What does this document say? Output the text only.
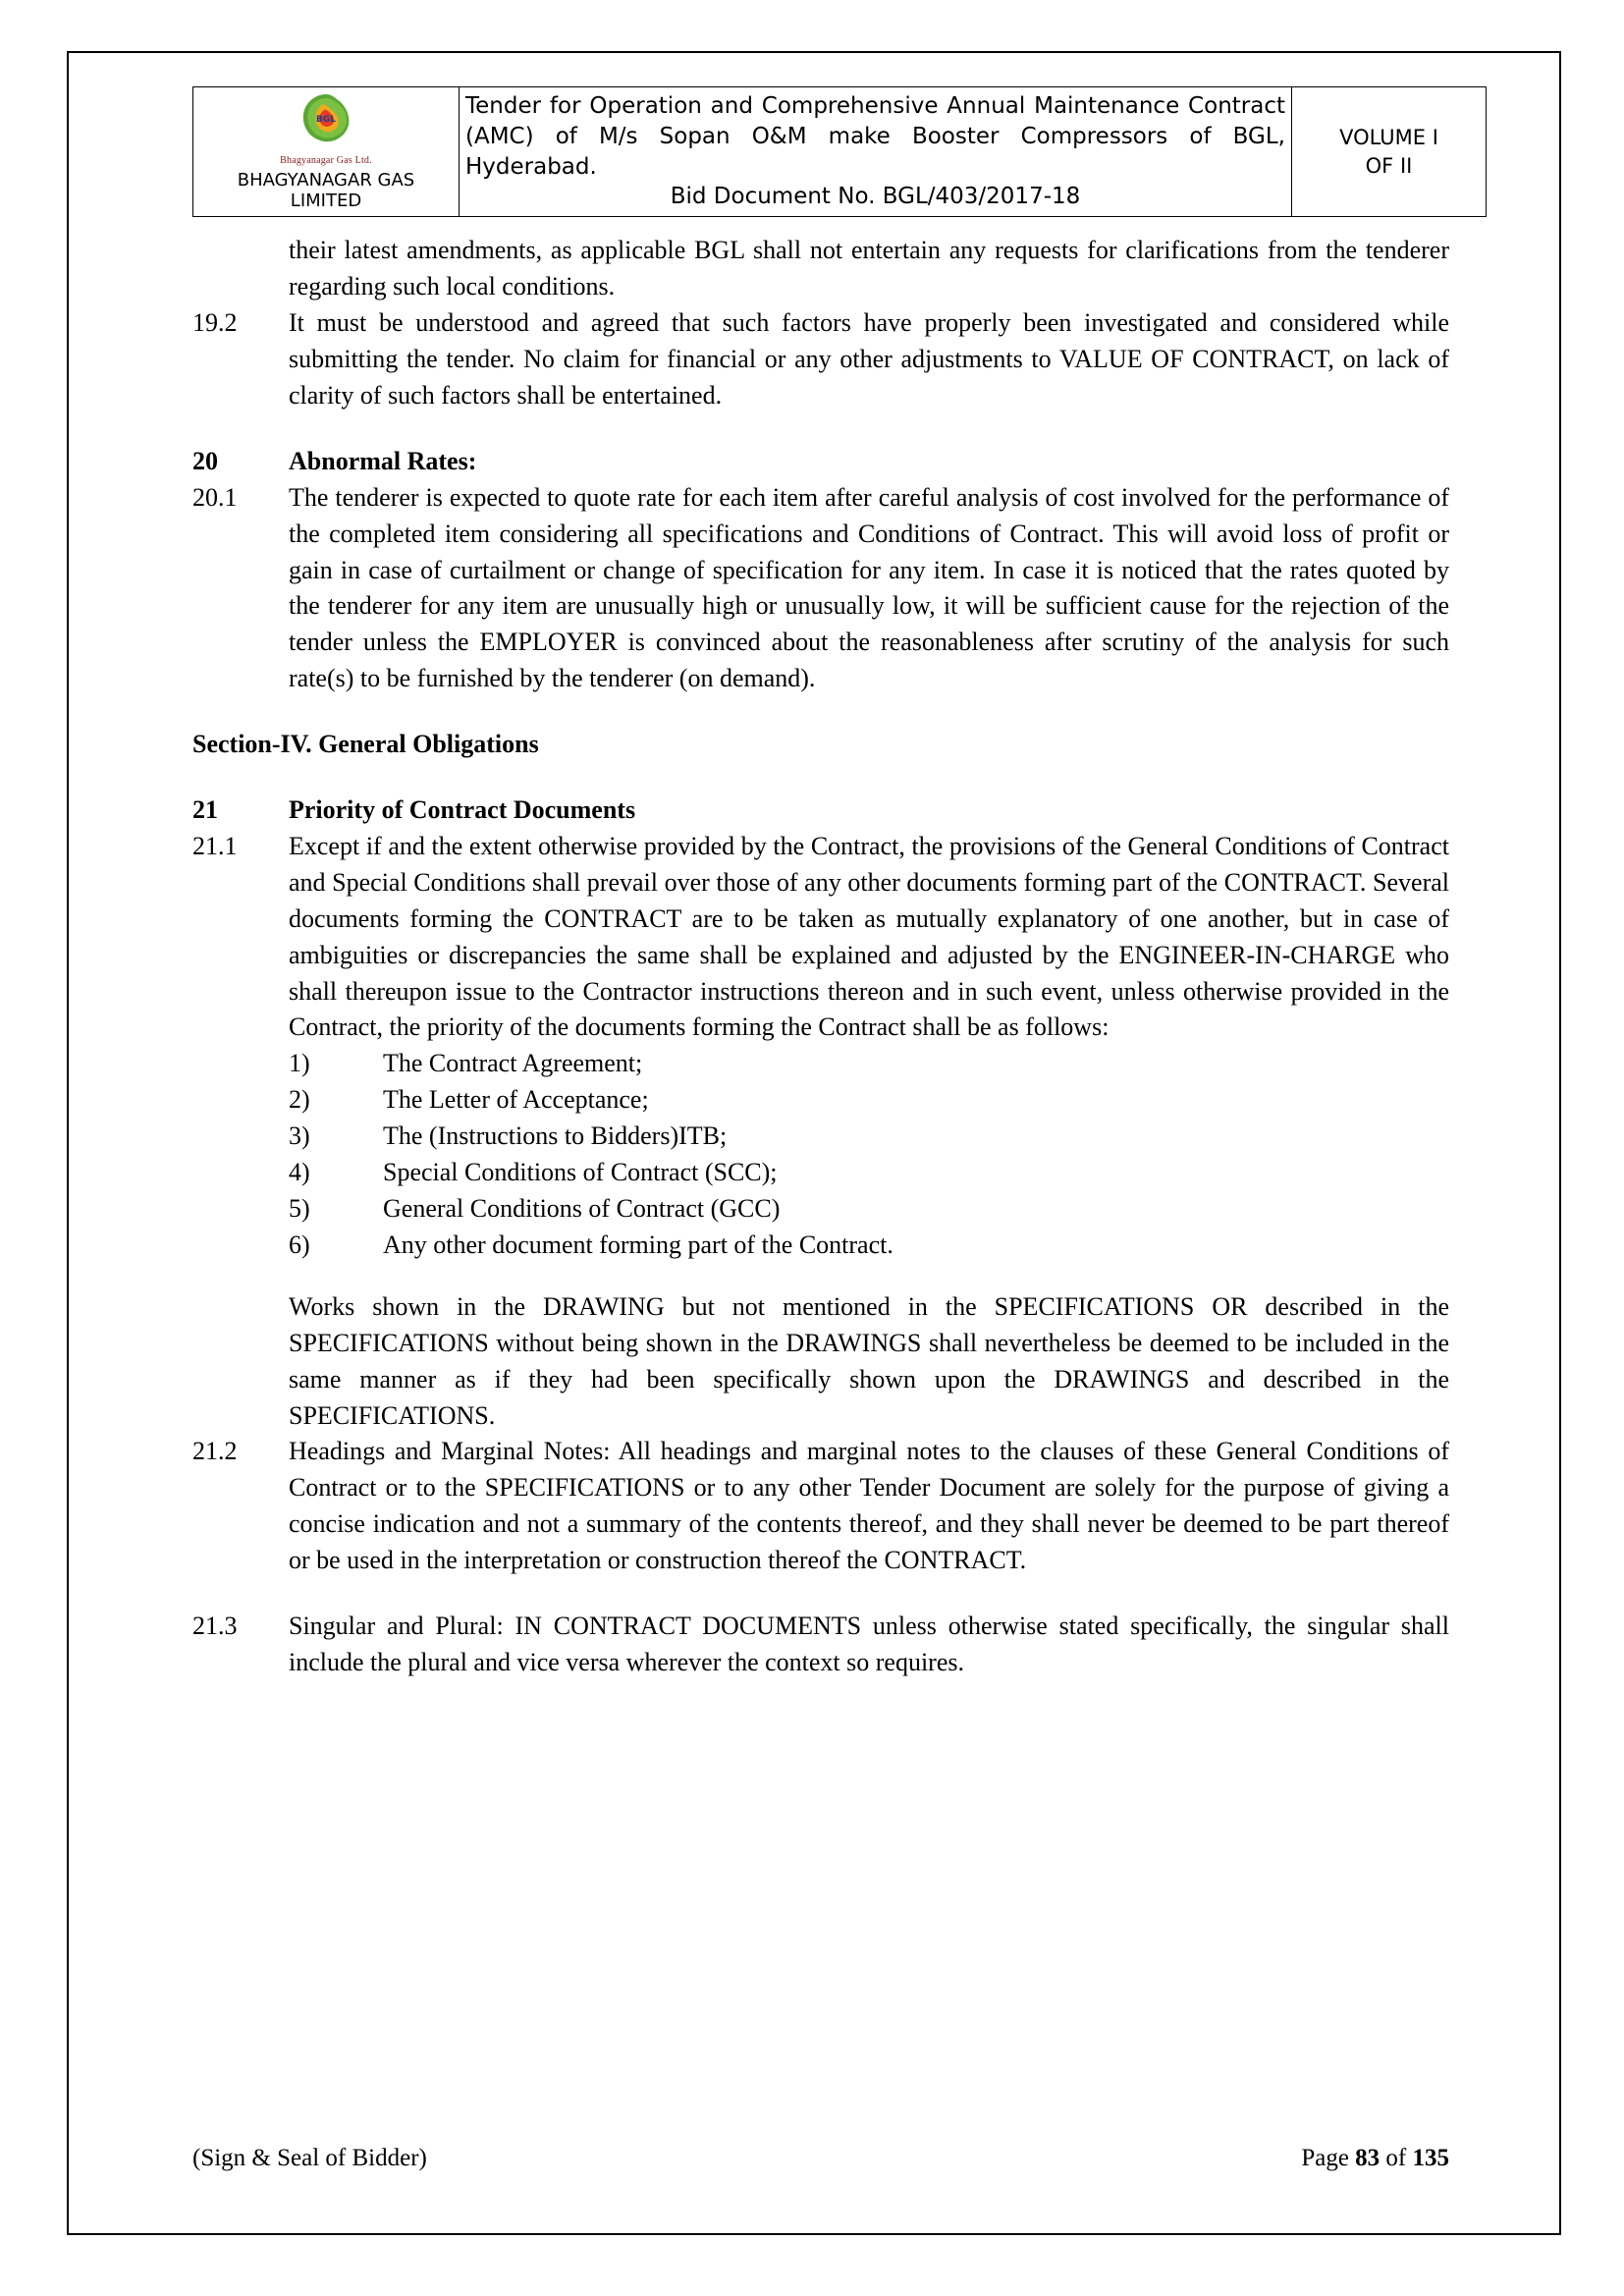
BGL
Bhagyanagar Gas Ltd.
BHAGYANAGAR GAS LIMITED

Tender for Operation and Comprehensive Annual Maintenance Contract (AMC) of M/s Sopan O&M make Booster Compressors of BGL, Hyderabad.
Bid Document No. BGL/403/2017-18

VOLUME I
OF II
their latest amendments, as applicable BGL shall not entertain any requests for clarifications from the tenderer regarding such local conditions.
19.2	It must be understood and agreed that such factors have properly been investigated and considered while submitting the tender. No claim for financial or any other adjustments to VALUE OF CONTRACT, on lack of clarity of such factors shall be entertained.
20	Abnormal Rates:
20.1	The tenderer is expected to quote rate for each item after careful analysis of cost involved for the performance of the completed item considering all specifications and Conditions of Contract. This will avoid loss of profit or gain in case of curtailment or change of specification for any item. In case it is noticed that the rates quoted by the tenderer for any item are unusually high or unusually low, it will be sufficient cause for the rejection of the tender unless the EMPLOYER is convinced about the reasonableness after scrutiny of the analysis for such rate(s) to be furnished by the tenderer (on demand).
Section-IV. General Obligations
21	Priority of Contract Documents
21.1	Except if and the extent otherwise provided by the Contract, the provisions of the General Conditions of Contract and Special Conditions shall prevail over those of any other documents forming part of the CONTRACT. Several documents forming the CONTRACT are to be taken as mutually explanatory of one another, but in case of ambiguities or discrepancies the same shall be explained and adjusted by the ENGINEER-IN-CHARGE who shall thereupon issue to the Contractor instructions thereon and in such event, unless otherwise provided in the Contract, the priority of the documents forming the Contract shall be as follows:
1)	The Contract Agreement;
2)	The Letter of Acceptance;
3)	The (Instructions to Bidders)ITB;
4)	Special Conditions of Contract (SCC);
5)	General Conditions of Contract (GCC)
6)	Any other document forming part of the Contract.
Works shown in the DRAWING but not mentioned in the SPECIFICATIONS OR described in the SPECIFICATIONS without being shown in the DRAWINGS shall nevertheless be deemed to be included in the same manner as if they had been specifically shown upon the DRAWINGS and described in the SPECIFICATIONS.
21.2	Headings and Marginal Notes: All headings and marginal notes to the clauses of these General Conditions of Contract or to the SPECIFICATIONS or to any other Tender Document are solely for the purpose of giving a concise indication and not a summary of the contents thereof, and they shall never be deemed to be part thereof or be used in the interpretation or construction thereof the CONTRACT.
21.3	Singular and Plural: IN CONTRACT DOCUMENTS unless otherwise stated specifically, the singular shall include the plural and vice versa wherever the context so requires.
(Sign & Seal of Bidder)	Page 83 of 135
